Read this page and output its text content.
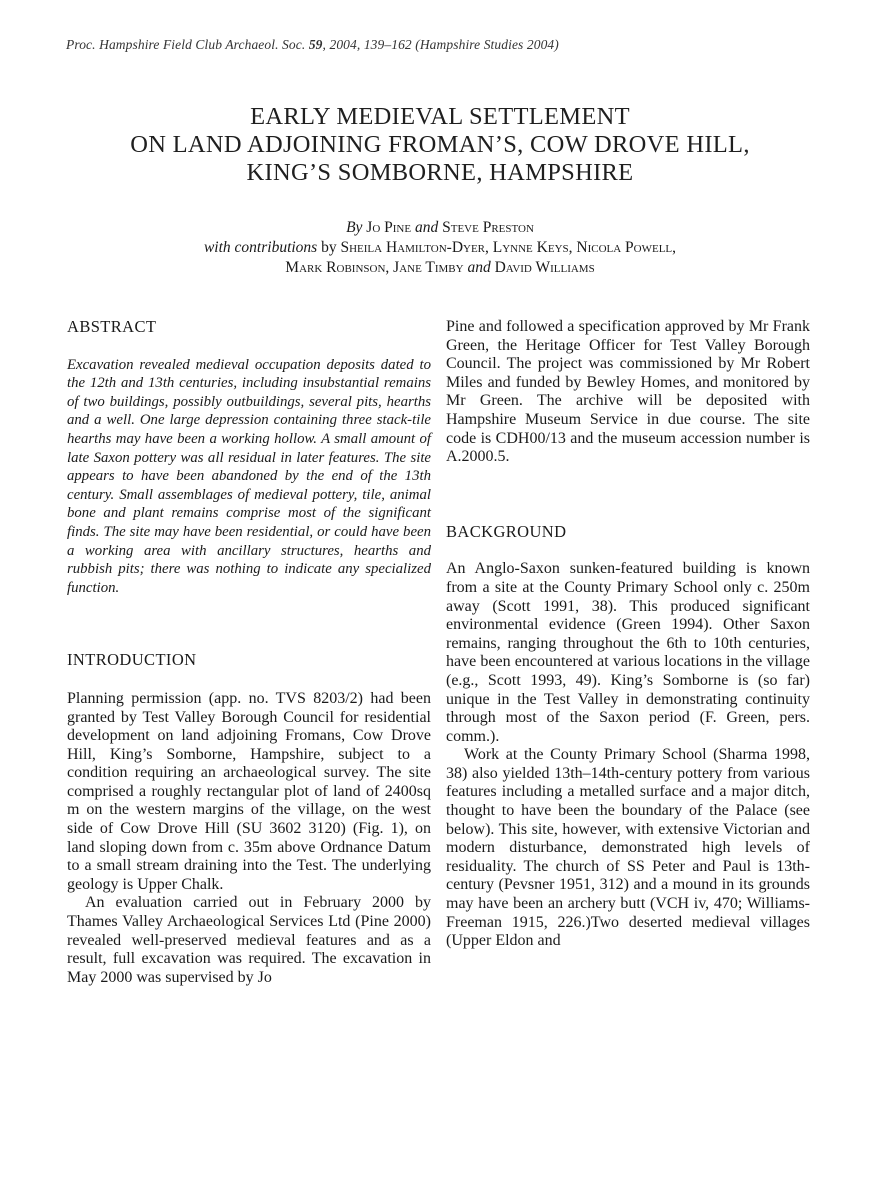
Proc. Hampshire Field Club Archaeol. Soc. 59, 2004, 139–162 (Hampshire Studies 2004)
EARLY MEDIEVAL SETTLEMENT
ON LAND ADJOINING FROMAN’S, COW DROVE HILL,
KING’S SOMBORNE, HAMPSHIRE
By Jo Pine and Steve Preston
with contributions by Sheila Hamilton-Dyer, Lynne Keys, Nicola Powell,
Mark Robinson, Jane Timby and David Williams
ABSTRACT

Excavation revealed medieval occupation deposits dated to the 12th and 13th centuries, including insubstantial remains of two buildings, possibly outbuildings, several pits, hearths and a well. One large depression containing three stack-tile hearths may have been a working hollow. A small amount of late Saxon pottery was all residual in later features. The site appears to have been abandoned by the end of the 13th century. Small assemblages of medieval pottery, tile, animal bone and plant remains comprise most of the significant finds. The site may have been residential, or could have been a working area with ancillary structures, hearths and rubbish pits; there was nothing to indicate any specialized function.

INTRODUCTION

Planning permission (app. no. TVS 8203/2) had been granted by Test Valley Borough Council for residential development on land adjoining Fromans, Cow Drove Hill, King’s Somborne, Hampshire, subject to a condition requiring an archaeological survey. The site comprised a roughly rectangular plot of land of 2400sq m on the western margins of the village, on the west side of Cow Drove Hill (SU 3602 3120) (Fig. 1), on land sloping down from c. 35m above Ordnance Datum to a small stream draining into the Test. The underlying geology is Upper Chalk.

An evaluation carried out in February 2000 by Thames Valley Archaeological Services Ltd (Pine 2000) revealed well-preserved medieval features and as a result, full excavation was required. The excavation in May 2000 was supervised by Jo

Pine and followed a specification approved by Mr Frank Green, the Heritage Officer for Test Valley Borough Council. The project was commissioned by Mr Robert Miles and funded by Bewley Homes, and monitored by Mr Green. The archive will be deposited with Hampshire Museum Service in due course. The site code is CDH00/13 and the museum accession number is A.2000.5.

BACKGROUND

An Anglo-Saxon sunken-featured building is known from a site at the County Primary School only c. 250m away (Scott 1991, 38). This produced significant environmental evidence (Green 1994). Other Saxon remains, ranging throughout the 6th to 10th centuries, have been encountered at various locations in the village (e.g., Scott 1993, 49). King’s Somborne is (so far) unique in the Test Valley in demonstrating continuity through most of the Saxon period (F. Green, pers. comm.).

Work at the County Primary School (Sharma 1998, 38) also yielded 13th–14th-century pottery from various features including a metalled surface and a major ditch, thought to have been the boundary of the Palace (see below). This site, however, with extensive Victorian and modern disturbance, demonstrated high levels of residuality. The church of SS Peter and Paul is 13th-century (Pevsner 1951, 312) and a mound in its grounds may have been an archery butt (VCH iv, 470; Williams-Freeman 1915, 226.)Two deserted medieval villages (Upper Eldon and
